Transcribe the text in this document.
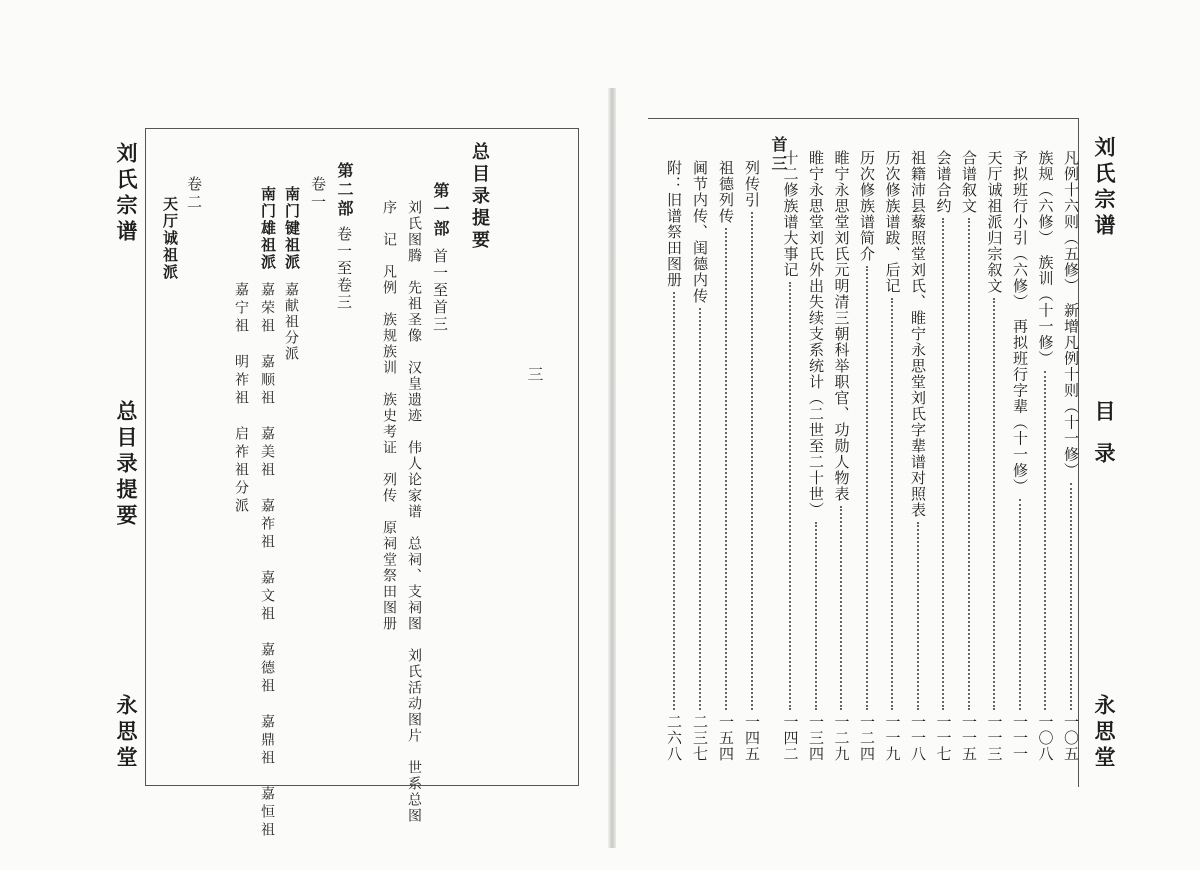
刘氏宗谱
总目录提要
永思堂
三
总目录提要
第一部
首一至首三
刘氏图腾　先祖圣像　汉皇遗迹　伟人论家谱　总祠、支祠图　刘氏活动图片　世系总图
序　记　凡例　族规族训　族史考证　列传　原祠堂祭田图册
第二部
卷一至卷三
卷一
南门键祖派
嘉献祖分派
南门雄祖派
嘉荣祖　嘉顺祖　嘉美祖　嘉祚祖　嘉文祖　嘉德祖　嘉鼎祖　嘉恒祖
嘉宁祖　明祚祖　启祚祖分派
卷二
天厅诚祖派	刘氏宗谱
目　录
永思堂
凡例十六则（五修）　新增凡例十则（十一修）
一〇五
族规（六修）　族训（十一修）
一〇八
予拟班行小引（六修）　再拟班行字辈（十一修）
一一一
天厅诚祖派归宗叙文
一一三
合谱叙文
一一五
会谱合约
一一七
祖籍沛县藜照堂刘氏、睢宁永思堂刘氏字辈谱对照表
一一八
历次修族谱跋、后记
一一九
历次修族谱简介
一二四
睢宁永思堂刘氏元明清三朝科举职官、功勋人物表
一二九
睢宁永思堂刘氏外出失续支系统计（二世至二十世）
一三四
十二修族谱大事记
一四二
列传引
一四五
祖德列传
一五四
阃节内传、闺德内传
二三七
附：旧谱祭田图册
二六八
首三
